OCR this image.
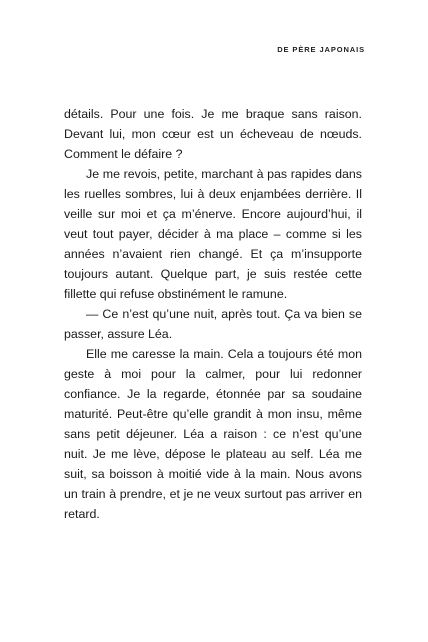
DE PÈRE JAPONAIS

détails. Pour une fois. Je me braque sans raison. Devant lui, mon cœur est un écheveau de nœuds. Comment le défaire ?

Je me revois, petite, marchant à pas rapides dans les ruelles sombres, lui à deux enjambées derrière. Il veille sur moi et ça m’énerve. Encore aujourd’hui, il veut tout payer, décider à ma place – comme si les années n’avaient rien changé. Et ça m’insupporte toujours autant. Quelque part, je suis restée cette fillette qui refuse obstinément le ramune.

— Ce n’est qu’une nuit, après tout. Ça va bien se passer, assure Léa.

Elle me caresse la main. Cela a toujours été mon geste à moi pour la calmer, pour lui redonner confiance. Je la regarde, étonnée par sa soudaine maturité. Peut-être qu’elle grandit à mon insu, même sans petit déjeuner. Léa a raison : ce n’est qu’une nuit. Je me lève, dépose le plateau au self. Léa me suit, sa boisson à moitié vide à la main. Nous avons un train à prendre, et je ne veux surtout pas arriver en retard.
